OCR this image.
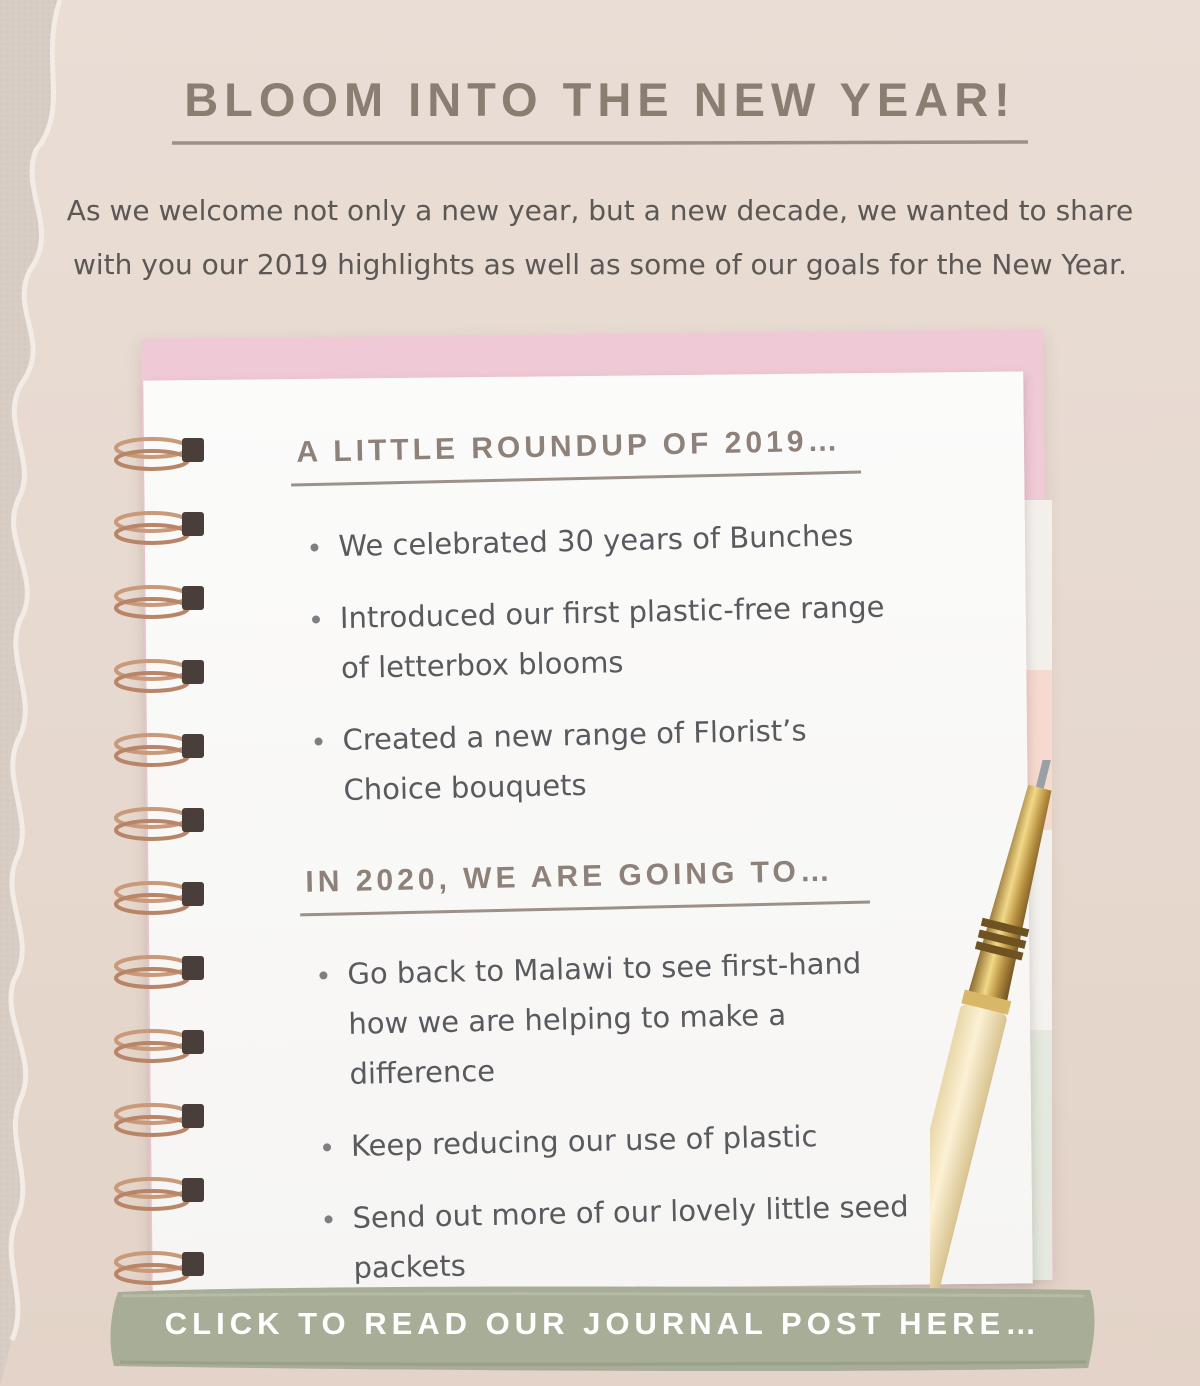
BLOOM INTO THE NEW YEAR!

As we welcome not only a new year, but a new decade, we wanted to share
with you our 2019 highlights as well as some of our goals for the New Year.

A LITTLE ROUNDUP OF 2019…
We celebrated 30 years of Bunches
Introduced our first plastic-free range of letterbox blooms
Created a new range of Florist’s Choice bouquets
IN 2020, WE ARE GOING TO…
Go back to Malawi to see first-hand how we are helping to make a difference
Keep reducing our use of plastic
Send out more of our lovely little seed packets
CLICK TO READ OUR JOURNAL POST HERE…
